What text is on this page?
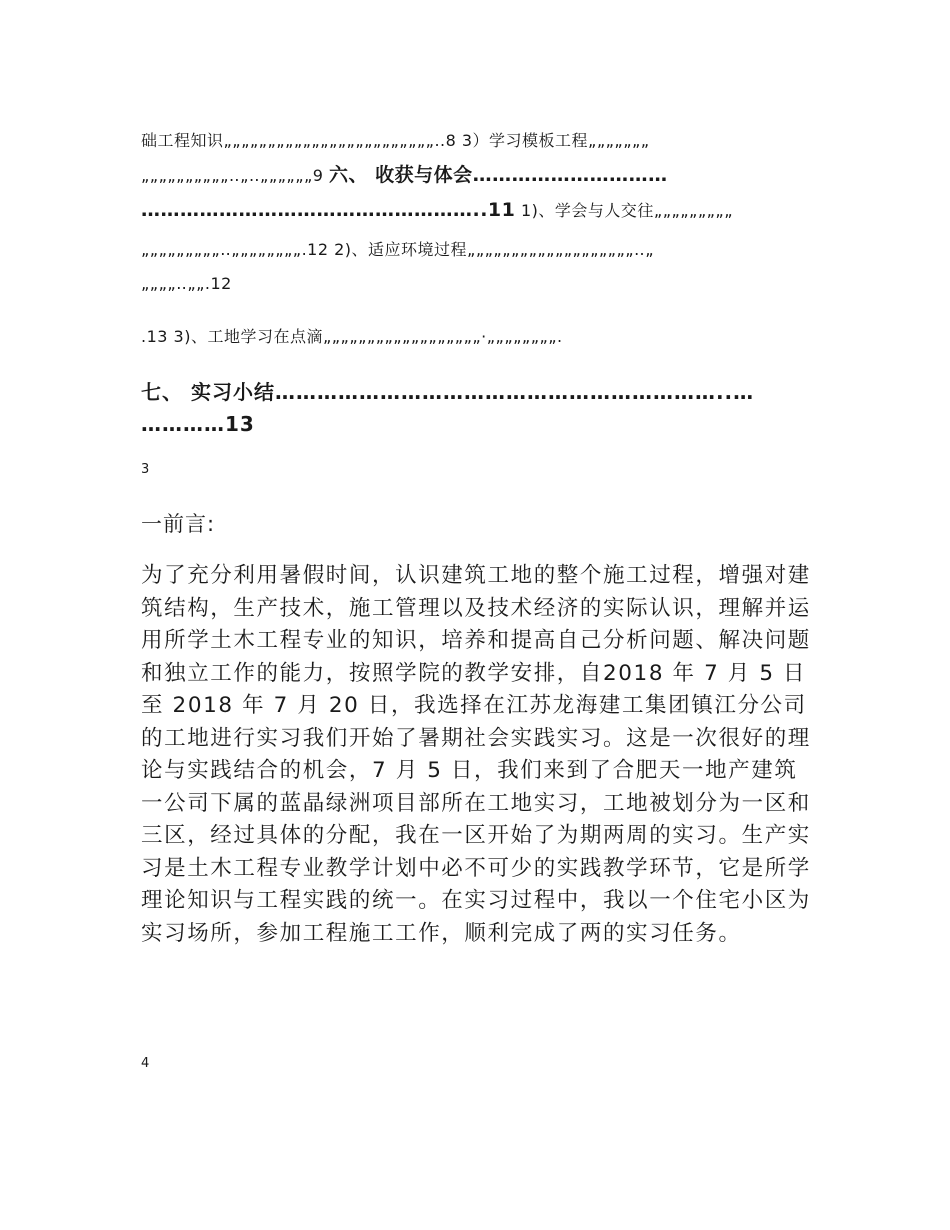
础工程知识„„„„„„„„„„„„„„„„„„„„„„„„..8 3）学习模板工程„„„„„„„
„„„„„„„„„„‥„‥„„„„„„9 六、 收获与体会…………………………
……………………………………………..11 1)、学会与人交往„„„„„„„„„
„„„„„„„„„‥„„„„„„„„.12 2)、适应环境过程„„„„„„„„„„„„„„„„„„„‥„
„„„„‥„„.12
.13 3)、工地学习在点滴„„„„„„„„„„„„„„„„„„·„„„„„„„„.
七、 实习小结………………………………………………………..…
…………13
3
一前言:

为了充分利用暑假时间，认识建筑工地的整个施工过程，增强对建筑结构，生产技术，施工管理以及技术经济的实际认识，理解并运用所学土木工程专业的知识，培养和提高自己分析问题、解决问题和独立工作的能力，按照学院的教学安排，自2018 年 7 月 5 日至 2018 年 7 月 20 日，我选择在江苏龙海建工集团镇江分公司的工地进行实习我们开始了暑期社会实践实习。这是一次很好的理论与实践结合的机会，7 月 5 日，我们来到了合肥天一地产建筑一公司下属的蓝晶绿洲项目部所在工地实习，工地被划分为一区和三区，经过具体的分配，我在一区开始了为期两周的实习。生产实习是土木工程专业教学计划中必不可少的实践教学环节，它是所学理论知识与工程实践的统一。在实习过程中，我以一个住宅小区为实习场所，参加工程施工工作，顺利完成了两的实习任务。

4
